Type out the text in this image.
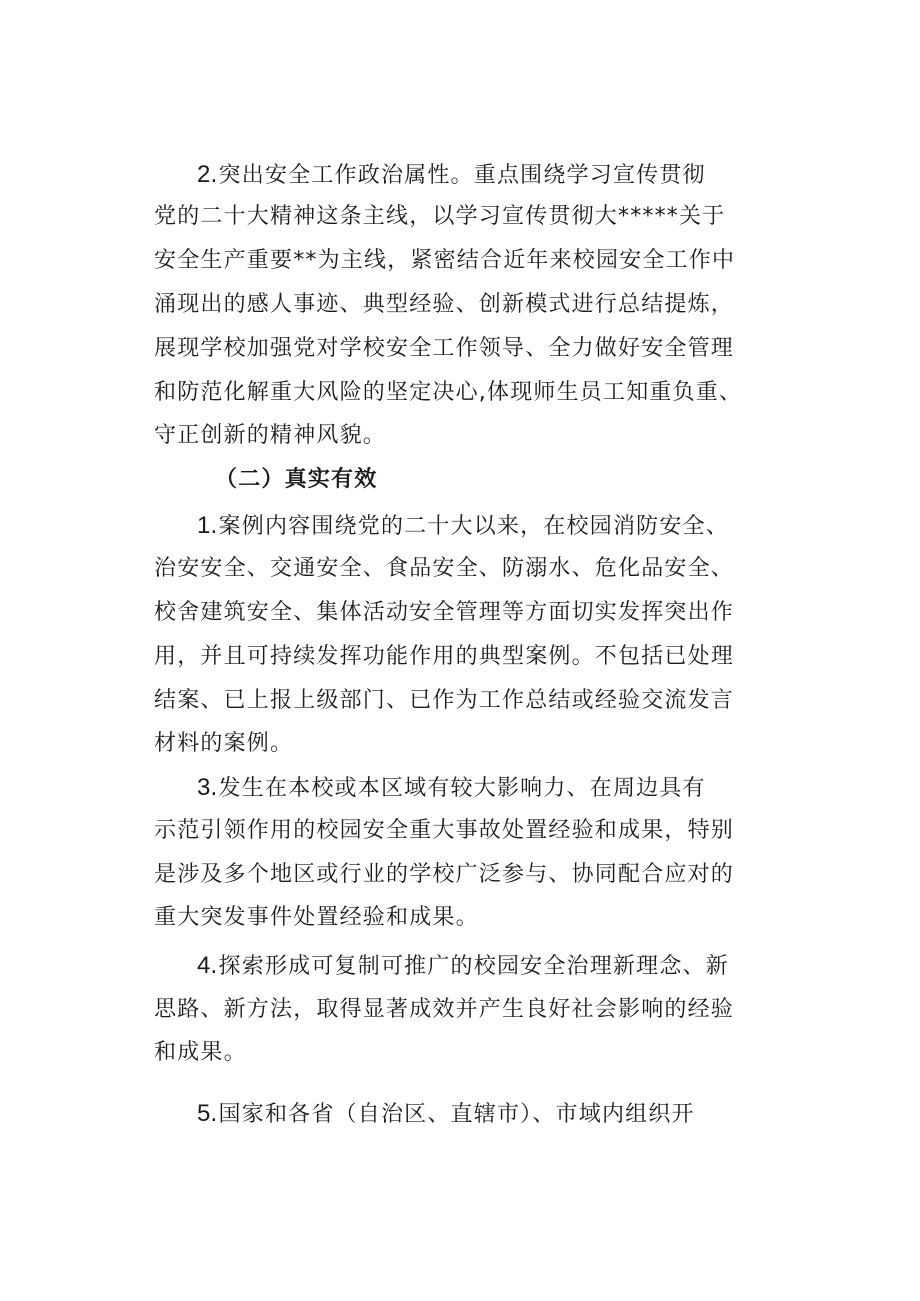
2.突出安全工作政治属性。重点围绕学习宣传贯彻
党的二十大精神这条主线，以学习宣传贯彻大*****关于
安全生产重要**为主线，紧密结合近年来校园安全工作中
涌现出的感人事迹、典型经验、创新模式进行总结提炼，
展现学校加强党对学校安全工作领导、全力做好安全管理
和防范化解重大风险的坚定决心,体现师生员工知重负重、
守正创新的精神风貌。
（二）真实有效
1.案例内容围绕党的二十大以来，在校园消防安全、
治安安全、交通安全、食品安全、防溺水、危化品安全、
校舍建筑安全、集体活动安全管理等方面切实发挥突出作
用，并且可持续发挥功能作用的典型案例。不包括已处理
结案、已上报上级部门、已作为工作总结或经验交流发言
材料的案例。
3.发生在本校或本区域有较大影响力、在周边具有
示范引领作用的校园安全重大事故处置经验和成果，特别
是涉及多个地区或行业的学校广泛参与、协同配合应对的
重大突发事件处置经验和成果。
4.探索形成可复制可推广的校园安全治理新理念、新
思路、新方法，取得显著成效并产生良好社会影响的经验
和成果。
5.国家和各省（自治区、直辖市）、市域内组织开
